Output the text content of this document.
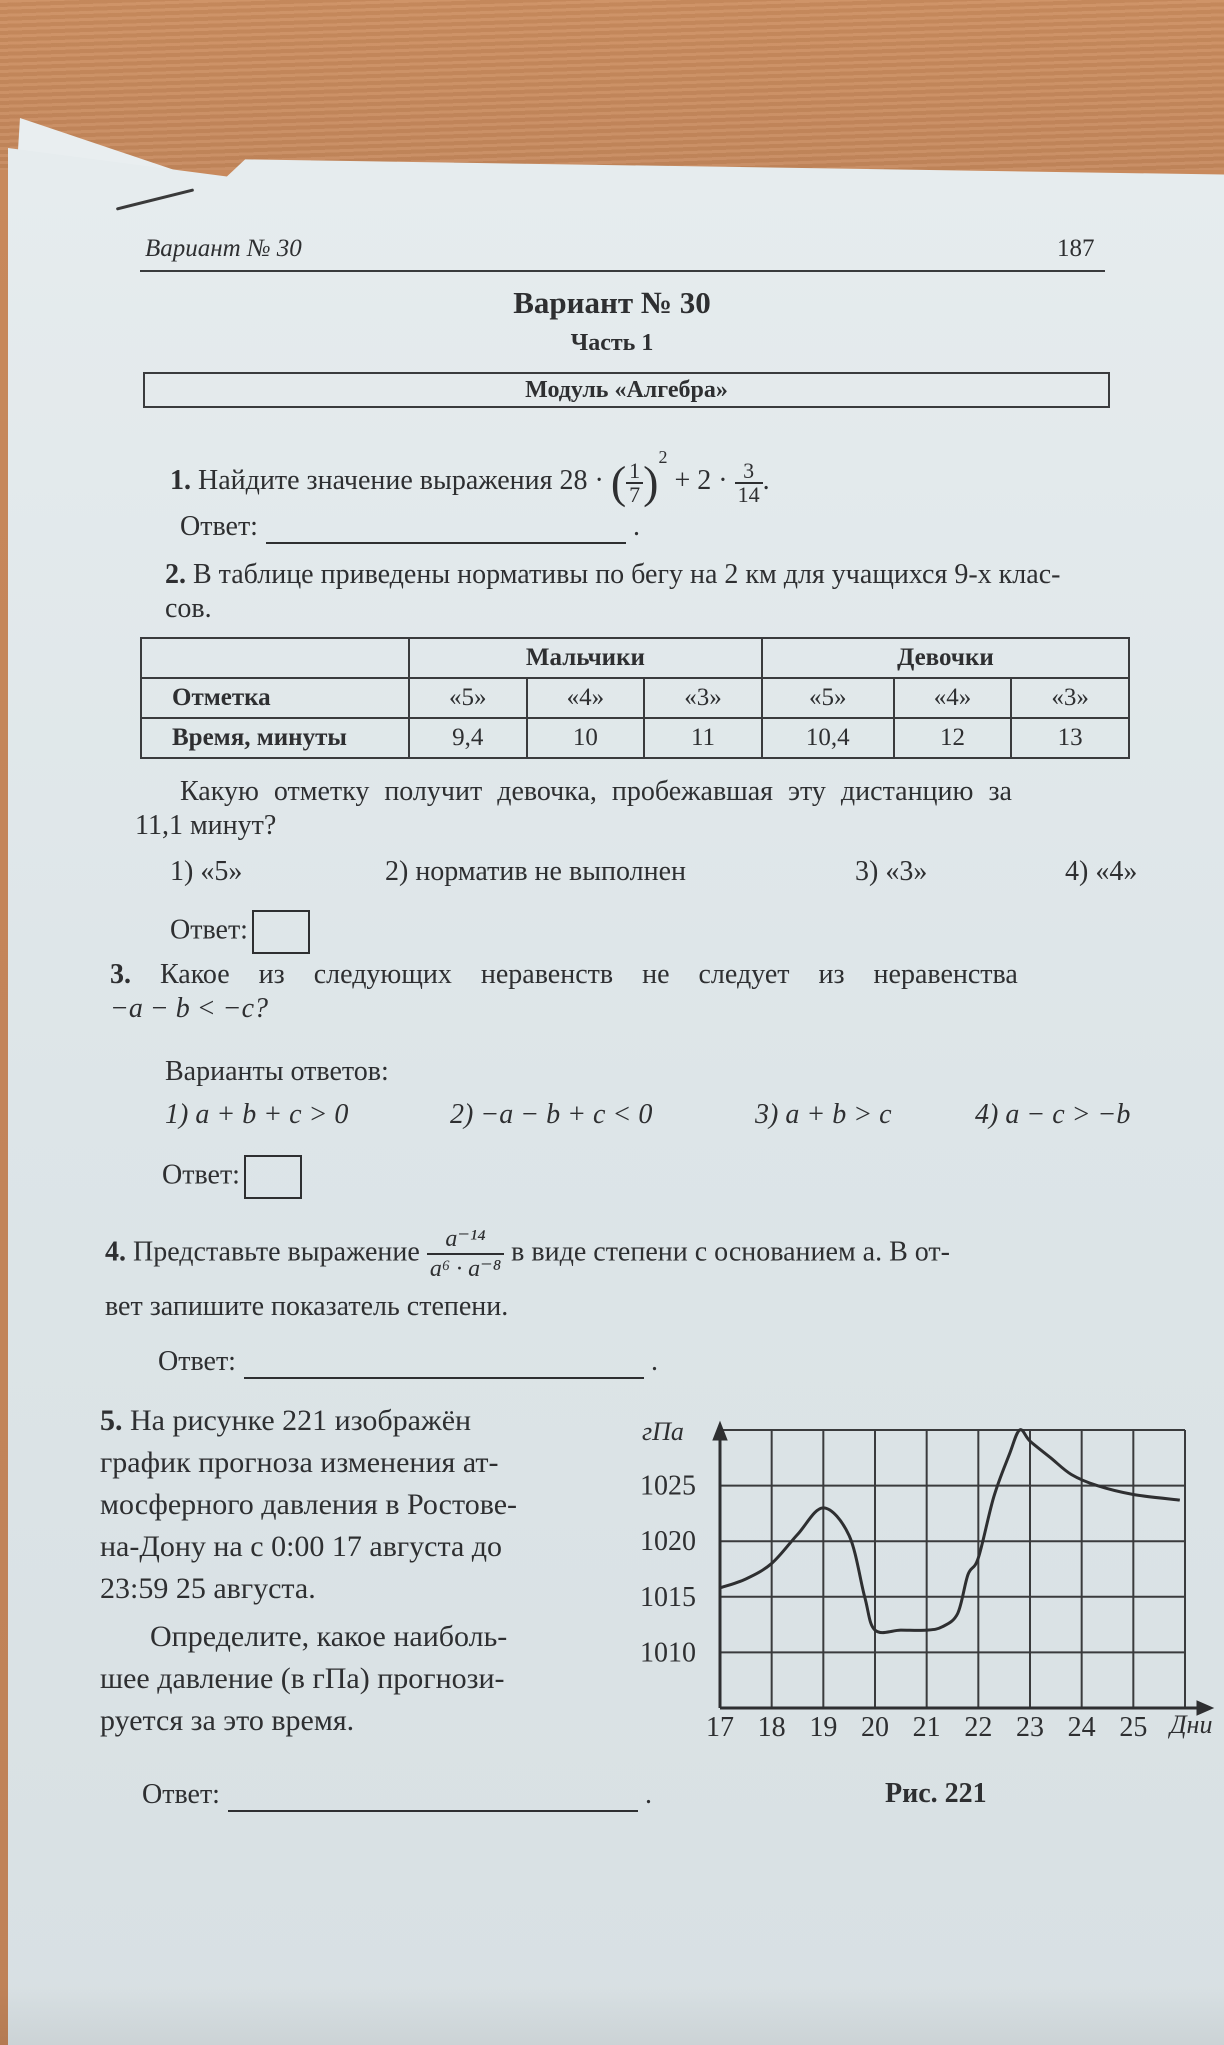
Вариант № 30	187
Вариант № 30
Часть 1
Модуль «Алгебра»
1. Найдите значение выражения 28 · ( $\frac{1}{7} )^2 + 2 \cdot \frac{3}{14}$ .
Ответ:	.
2. В таблице приведены нормативы по бегу на 2 км для учащихся 9-х клас-
сов.
	Мальчики			Девочки		
Отметка	«5»	«4»	«3»	«5»	«4»	«3»
Время, минуты	9,4	10	11	10,4	12	13
Какую отметку получит девочка, пробежавшая эту дистанцию за
11,1 минут?
1) «5»	2) норматив не выполнен	3) «3»	4) «4»
Ответ:
3. Какое из следующих неравенств не следует из неравенства
−a − b < −c?
Варианты ответов:
1) a + b + c > 0	2) −a − b + c < 0	3) a + b > c	4) a − c > −b
Ответ:
4. Представьте выражение $\frac{\text{a⁻¹⁴}}{\text{a⁶ · a⁻⁸}}$ в виде степени с основанием a. В от-
вет запишите показатель степени.
Ответ:	.
5. На рисунке 221 изображён
график прогноза изменения ат-
мосферного давления в Ростове-
на-Дону на с 0:00 17 августа до
23:59 25 августа.
Определите, какое наиболь-
шее давление (в гПа) прогнози-
руется за это время.
Ответ:	.	Рис. 221
1010
1015
1020
1025
17 18 19 20 21 22 23 24 25
гПа
Дни
